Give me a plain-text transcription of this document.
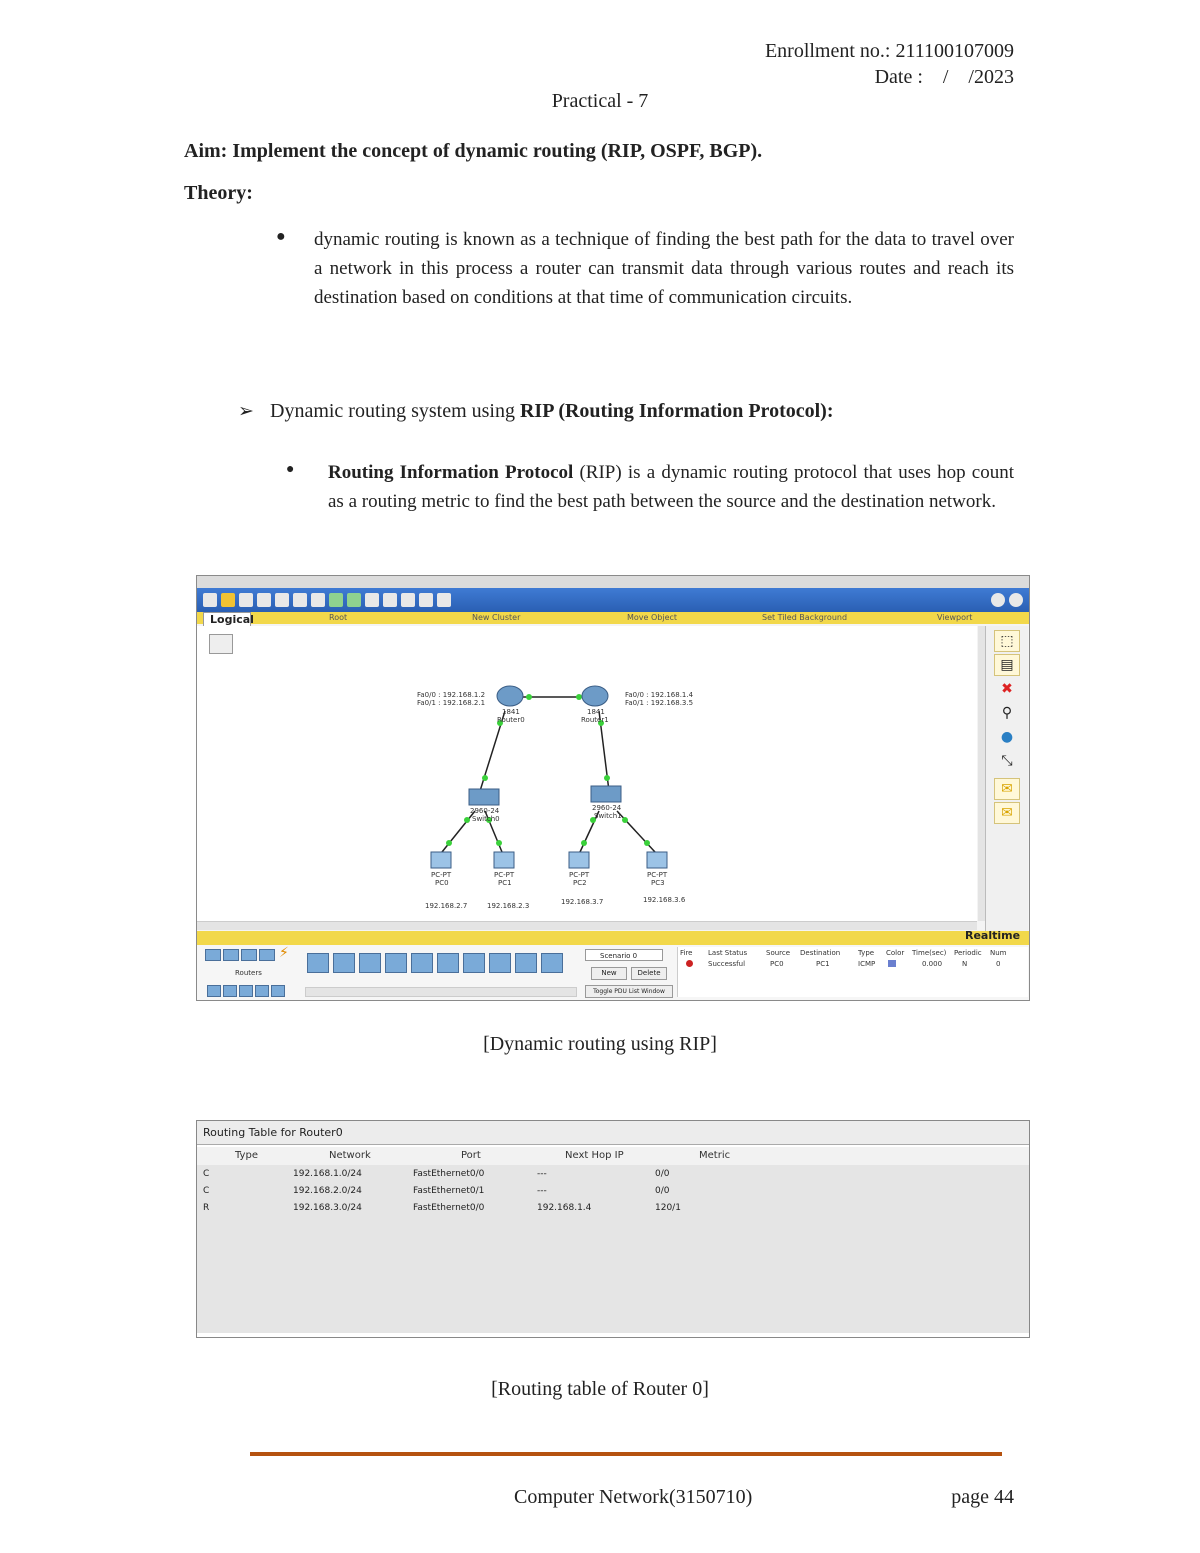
Enrollment no.: 211100107009
Date :    /    /2023
Practical - 7
Aim: Implement the concept of dynamic routing (RIP, OSPF, BGP).
Theory:
● dynamic routing is known as a technique of finding the best path for the data to travel over a network in this process a router can transmit data through various routes and reach its destination based on conditions at that time of communication circuits.
➢ Dynamic routing system using RIP (Routing Information Protocol):
● Routing Information Protocol (RIP) is a dynamic routing protocol that uses hop count as a routing metric to find the best path between the source and the destination network.
Root	New Cluster	Move Object	Set Tiled Background	Viewport
Logical
Fa0/0 : 192.168.1.2
Fa0/1 : 192.168.2.1
1841
Router0
Fa0/0 : 192.168.1.4
Fa0/1 : 192.168.3.5
1841
Router1
2960-24
Switch0
2960-24
Switch1
PC-PT
PC0
PC-PT
PC1
PC-PT
PC2
PC-PT
PC3
192.168.2.7	192.168.2.3	192.168.3.7	192.168.3.6
⬚
▤
✖
⚲
●
⤡
✉
✉
Realtime
⚡
Routers
Scenario 0
New	Delete
Toggle PDU List Window
Fire Last Status	Source Destination	Type Color Time(sec) Periodic Num
Successful	PC0	PC1	ICMP	0.000	N	0
[Dynamic routing using RIP]
Routing Table for Router0
Type	Network	Port	Next Hop IP	Metric
C	192.168.1.0/24	FastEthernet0/0	---	0/0
C	192.168.2.0/24	FastEthernet0/1	---	0/0
R	192.168.3.0/24	FastEthernet0/0	192.168.1.4	120/1
[Routing table of Router 0]
Computer Network(3150710)	page 44
